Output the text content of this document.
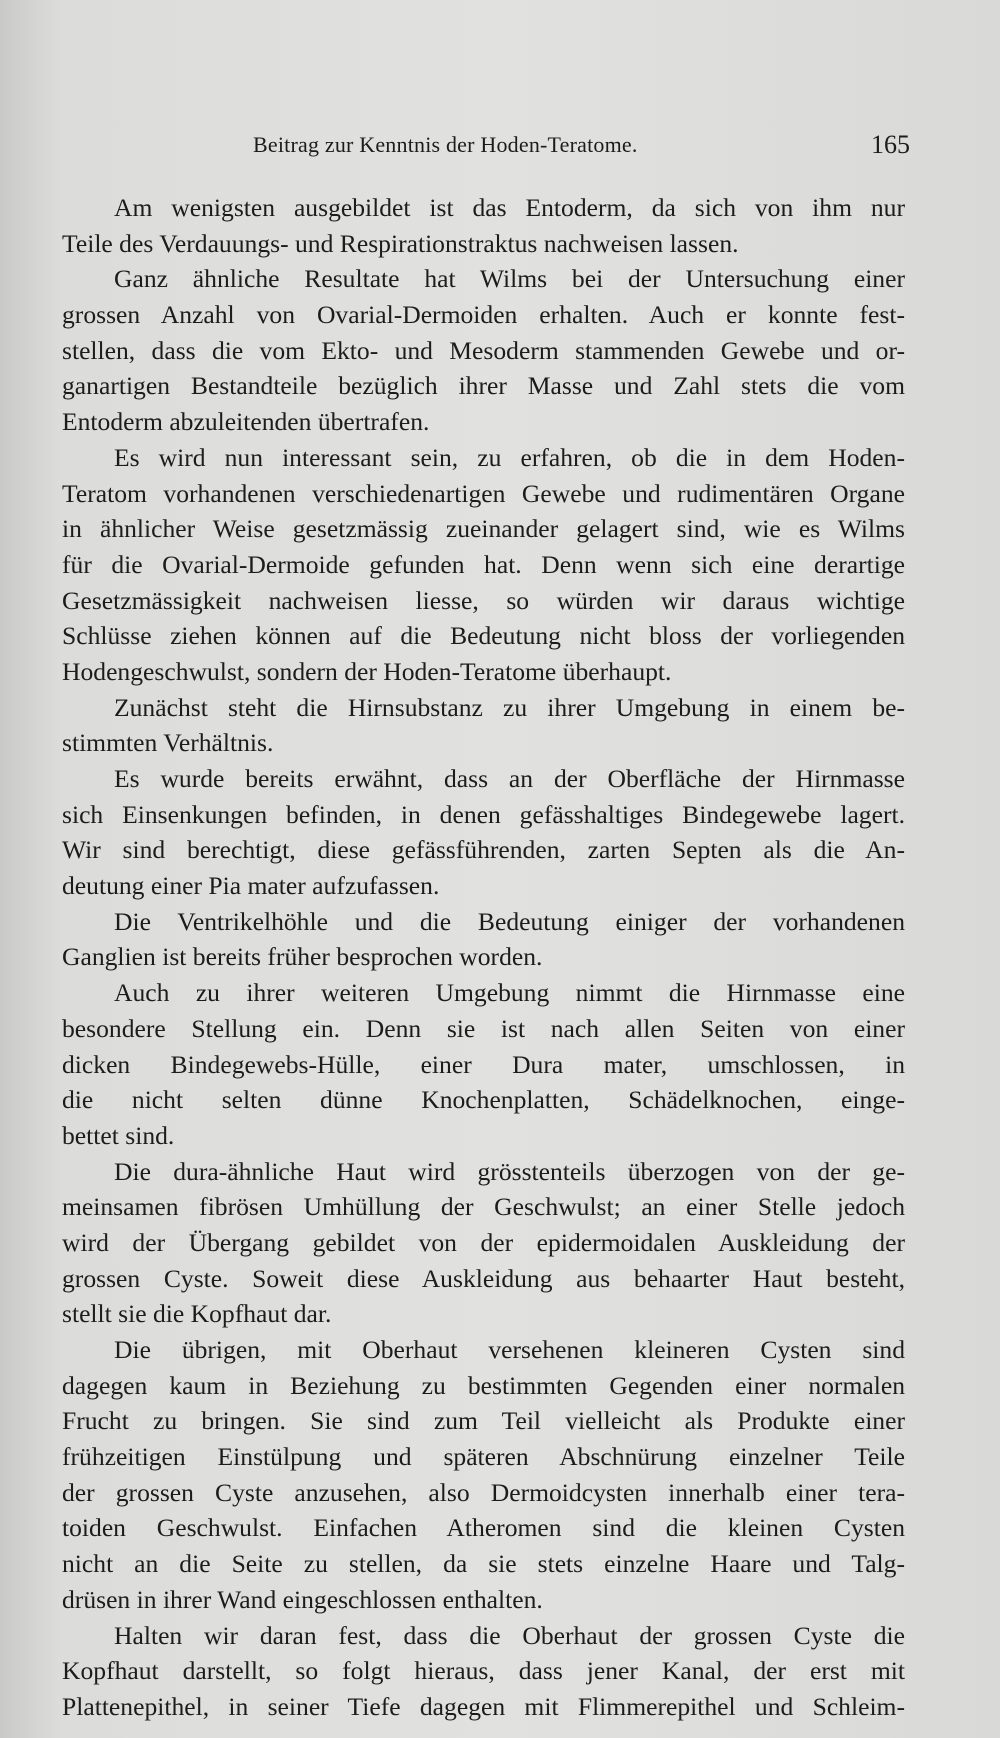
Beitrag zur Kenntnis der Hoden-Teratome.	165
Am wenigsten ausgebildet ist das Entoderm, da sich von ihm nur
Teile des Verdauungs- und Respirationstraktus nachweisen lassen.
Ganz ähnliche Resultate hat Wilms bei der Untersuchung einer
grossen Anzahl von Ovarial-Dermoiden erhalten. Auch er konnte fest-
stellen, dass die vom Ekto- und Mesoderm stammenden Gewebe und or-
ganartigen Bestandteile bezüglich ihrer Masse und Zahl stets die vom
Entoderm abzuleitenden übertrafen.
Es wird nun interessant sein, zu erfahren, ob die in dem Hoden-
Teratom vorhandenen verschiedenartigen Gewebe und rudimentären Organe
in ähnlicher Weise gesetzmässig zueinander gelagert sind, wie es Wilms
für die Ovarial-Dermoide gefunden hat. Denn wenn sich eine derartige
Gesetzmässigkeit nachweisen liesse, so würden wir daraus wichtige
Schlüsse ziehen können auf die Bedeutung nicht bloss der vorliegenden
Hodengeschwulst, sondern der Hoden-Teratome überhaupt.
Zunächst steht die Hirnsubstanz zu ihrer Umgebung in einem be-
stimmten Verhältnis.
Es wurde bereits erwähnt, dass an der Oberfläche der Hirnmasse
sich Einsenkungen befinden, in denen gefässhaltiges Bindegewebe lagert.
Wir sind berechtigt, diese gefässführenden, zarten Septen als die An-
deutung einer Pia mater aufzufassen.
Die Ventrikelhöhle und die Bedeutung einiger der vorhandenen
Ganglien ist bereits früher besprochen worden.
Auch zu ihrer weiteren Umgebung nimmt die Hirnmasse eine
besondere Stellung ein. Denn sie ist nach allen Seiten von einer
dicken Bindegewebs-Hülle, einer Dura mater, umschlossen, in
die nicht selten dünne Knochenplatten, Schädelknochen, einge-
bettet sind.
Die dura-ähnliche Haut wird grösstenteils überzogen von der ge-
meinsamen fibrösen Umhüllung der Geschwulst; an einer Stelle jedoch
wird der Übergang gebildet von der epidermoidalen Auskleidung der
grossen Cyste. Soweit diese Auskleidung aus behaarter Haut besteht,
stellt sie die Kopfhaut dar.
Die übrigen, mit Oberhaut versehenen kleineren Cysten sind
dagegen kaum in Beziehung zu bestimmten Gegenden einer normalen
Frucht zu bringen. Sie sind zum Teil vielleicht als Produkte einer
frühzeitigen Einstülpung und späteren Abschnürung einzelner Teile
der grossen Cyste anzusehen, also Dermoidcysten innerhalb einer tera-
toiden Geschwulst. Einfachen Atheromen sind die kleinen Cysten
nicht an die Seite zu stellen, da sie stets einzelne Haare und Talg-
drüsen in ihrer Wand eingeschlossen enthalten.
Halten wir daran fest, dass die Oberhaut der grossen Cyste die
Kopfhaut darstellt, so folgt hieraus, dass jener Kanal, der erst mit
Plattenepithel, in seiner Tiefe dagegen mit Flimmerepithel und Schleim-
